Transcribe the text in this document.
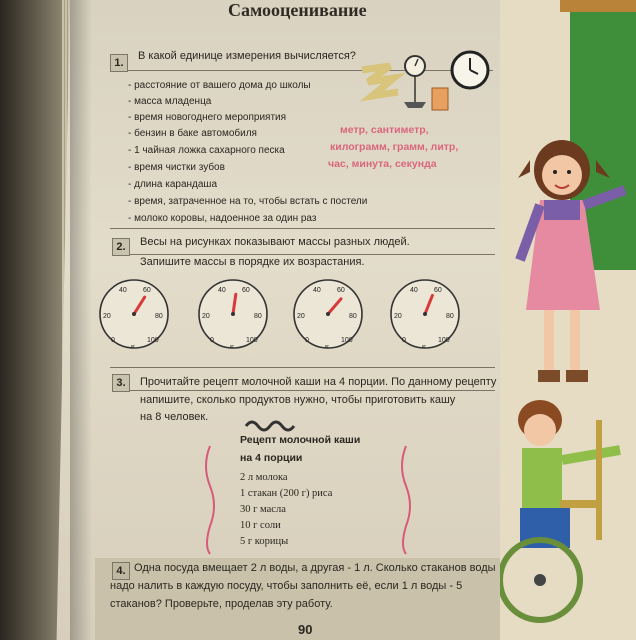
Самооценивание
1.
В какой единице измерения вычисляется?
- расстояние от вашего дома до школы
- масса младенца
- время новогоднего мероприятия
- бензин в баке автомобиля
- 1 чайная ложка сахарного песка
- время чистки зубов
- длина карандаша
- время, затраченное на то, чтобы встать с постели
- молоко коровы, надоенное за один раз
метр, сантиметр,
килограмм, грамм, литр,
час, минута, секунда
2.	Весы на рисунках показывают массы разных людей.
Запишите массы в порядке их возрастания.
40 60
20	80
0	100
кг
40 60
20	80
0	100
кг
40 60
20	80
0	100
кг
40 60
20	80
0	100
кг
3.	Прочитайте рецепт молочной каши на 4 порции. По данному рецепту
напишите, сколько продуктов нужно, чтобы приготовить кашу
на 8 человек.
Рецепт молочной каши
на 4 порции
2 л молока
1 стакан (200 г) риса
30 г масла
10 г соли
5 г корицы
4. Одна посуда вмещает 2 л воды, а другая - 1 л. Сколько стаканов воды
надо налить в каждую посуду, чтобы заполнить её, если 1 л воды - 5
стаканов? Проверьте, проделав эту работу.
90
